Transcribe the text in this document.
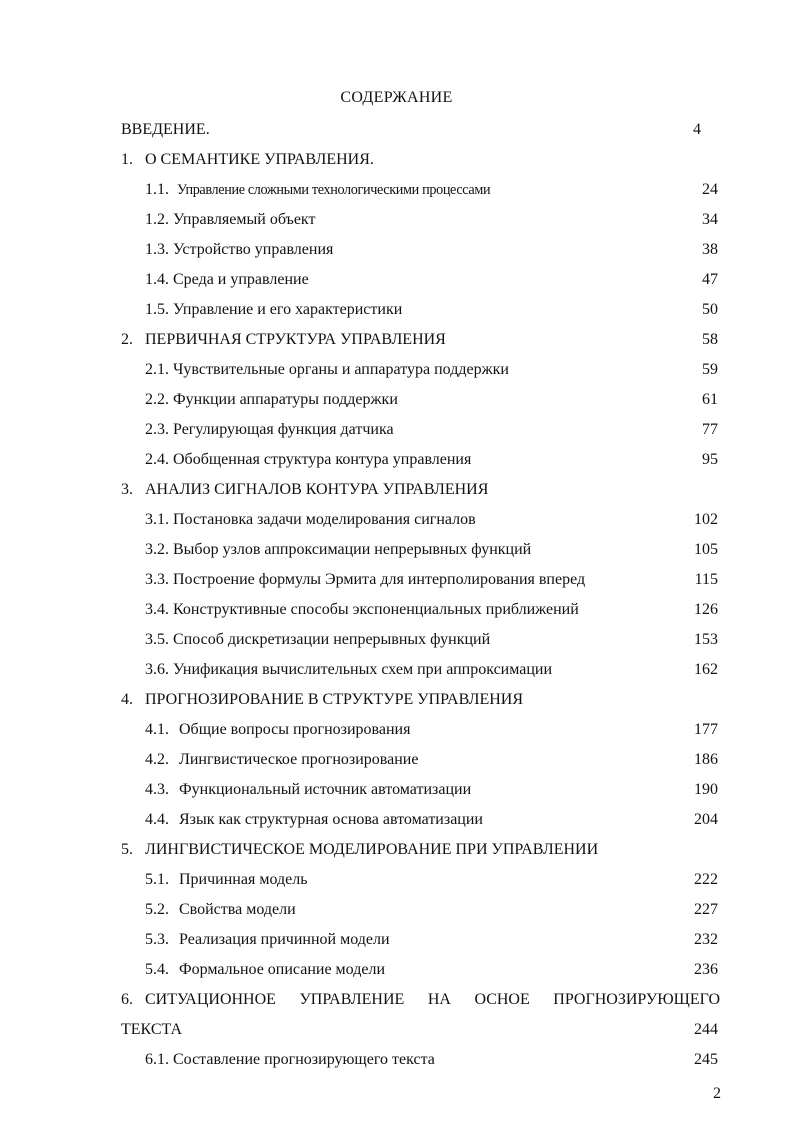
СОДЕРЖАНИЕ
ВВЕДЕНИЕ.	4
1. О СЕМАНТИКЕ УПРАВЛЕНИЯ.
1.1. Управление сложными технологическими процессами	24
1.2. Управляемый объект	34
1.3. Устройство управления	38
1.4. Среда и управление	47
1.5. Управление и его характеристики	50
2. ПЕРВИЧНАЯ СТРУКТУРА УПРАВЛЕНИЯ	58
2.1. Чувствительные органы и аппаратура поддержки	59
2.2. Функции аппаратуры поддержки	61
2.3. Регулирующая функция датчика	77
2.4. Обобщенная структура контура управления	95
3. АНАЛИЗ СИГНАЛОВ КОНТУРА УПРАВЛЕНИЯ
3.1. Постановка задачи моделирования сигналов	102
3.2. Выбор узлов аппроксимации непрерывных функций	105
3.3. Построение формулы Эрмита для интерполирования вперед	115
3.4. Конструктивные способы экспоненциальных приближений	126
3.5. Способ дискретизации непрерывных функций	153
3.6. Унификация вычислительных схем при аппроксимации	162
4. ПРОГНОЗИРОВАНИЕ В СТРУКТУРЕ УПРАВЛЕНИЯ
4.1. Общие вопросы прогнозирования	177
4.2. Лингвистическое прогнозирование	186
4.3. Функциональный источник автоматизации	190
4.4. Язык как структурная основа автоматизации	204
5. ЛИНГВИСТИЧЕСКОЕ МОДЕЛИРОВАНИЕ ПРИ УПРАВЛЕНИИ
5.1. Причинная модель	222
5.2. Свойства модели	227
5.3. Реализация причинной модели	232
5.4. Формальное описание модели	236
6. СИТУАЦИОННОЕ УПРАВЛЕНИЕ НА ОСНОЕ ПРОГНОЗИРУЮЩЕГО
ТЕКСТА	244
6.1. Составление прогнозирующего текста	245
2
